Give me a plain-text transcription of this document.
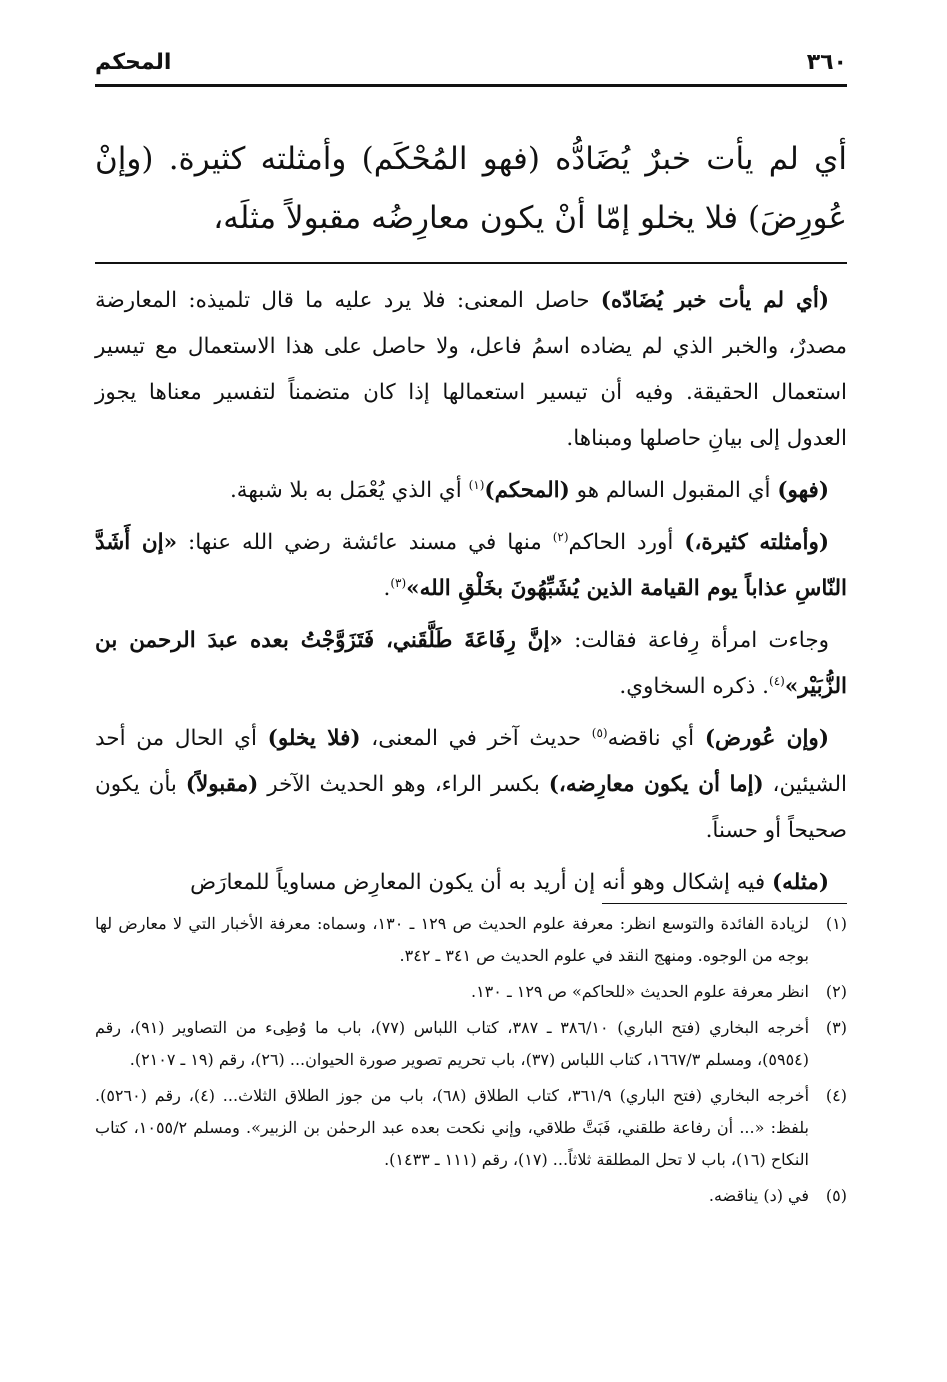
٣٦٠
المحكم
أي لم يأت خبرٌ يُضَادُّه (فهو المُحْكَم) وأمثلته كثيرة. (وإنْ عُورِضَ) فلا يخلو إمّا أنْ يكون معارِضُه مقبولاً مثلَه،

(أي لم يأت خبر يُضَادّه) حاصل المعنى: فلا يرد عليه ما قال تلميذه: المعارضة مصدرٌ، والخبر الذي لم يضاده اسمُ فاعل، ولا حاصل على هذا الاستعمال مع تيسير استعمال الحقيقة. وفيه أن تيسير استعمالها إذا كان متضمناً لتفسير معناها يجوز العدول إلى بيانِ حاصلها ومبناها.

(فهو) أي المقبول السالم هو (المحكم)$^{(١)}$ أي الذي يُعْمَل به بلا شبهة.

(وأمثلته كثيرة،) أورد الحاكم$^{(٢)}$ منها في مسند عائشة رضي الله عنها: «إن أَشَدَّ النّاسِ عذاباً يوم القيامة الذين يُشَبِّهُونَ بخَلْقِ الله»$^{(٣)}$.

وجاءت امرأة رِفاعة فقالت: «إنَّ رِفَاعَةَ طَلَّقَني، فَتَزَوَّجْتُ بعده عبدَ الرحمن بن الزُّبَيْر»$^{(٤)}$. ذكره السخاوي.

(وإن عُورض) أي ناقضه$^{(٥)}$ حديث آخر في المعنى، (فلا يخلو) أي الحال من أحد الشيئين، (إما أن يكون معارِضه،) بكسر الراء، وهو الحديث الآخر (مقبولاً) بأن يكون صحيحاً أو حسناً.

(مثله) فيه إشكال وهو أنه إن أريد به أن يكون المعارِض مساوياً للمعارَض

(١)
لزيادة الفائدة والتوسع انظر: معرفة علوم الحديث ص ١٢٩ ـ ١٣٠، وسماه: معرفة الأخبار التي لا معارض لها بوجه من الوجوه. ومنهج النقد في علوم الحديث ص ٣٤١ ـ ٣٤٢.
(٢)
انظر معرفة علوم الحديث «للحاكم» ص ١٢٩ ـ ١٣٠.
(٣)
أخرجه البخاري (فتح الباري) ٣٨٦/١٠ ـ ٣٨٧، كتاب اللباس (٧٧)، باب ما وُطِىء من التصاوير (٩١)، رقم (٥٩٥٤)، ومسلم ١٦٦٧/٣، كتاب اللباس (٣٧)، باب تحريم تصوير صورة الحيوان... (٢٦)، رقم (١٩ ـ ٢١٠٧).
(٤)
أخرجه البخاري (فتح الباري) ٣٦١/٩، كتاب الطلاق (٦٨)، باب من جوز الطلاق الثلاث... (٤)، رقم (٥٢٦٠). بلفظ: «... أن رفاعة طلقني، فَبَتَّ طلاقي، وإني نكحت بعده عبد الرحمٰن بن الزبير». ومسلم ١٠٥٥/٢، كتاب النكاح (١٦)، باب لا تحل المطلقة ثلاثاً... (١٧)، رقم (١١١ ـ ١٤٣٣).
(٥)
في (د) يناقضه.
